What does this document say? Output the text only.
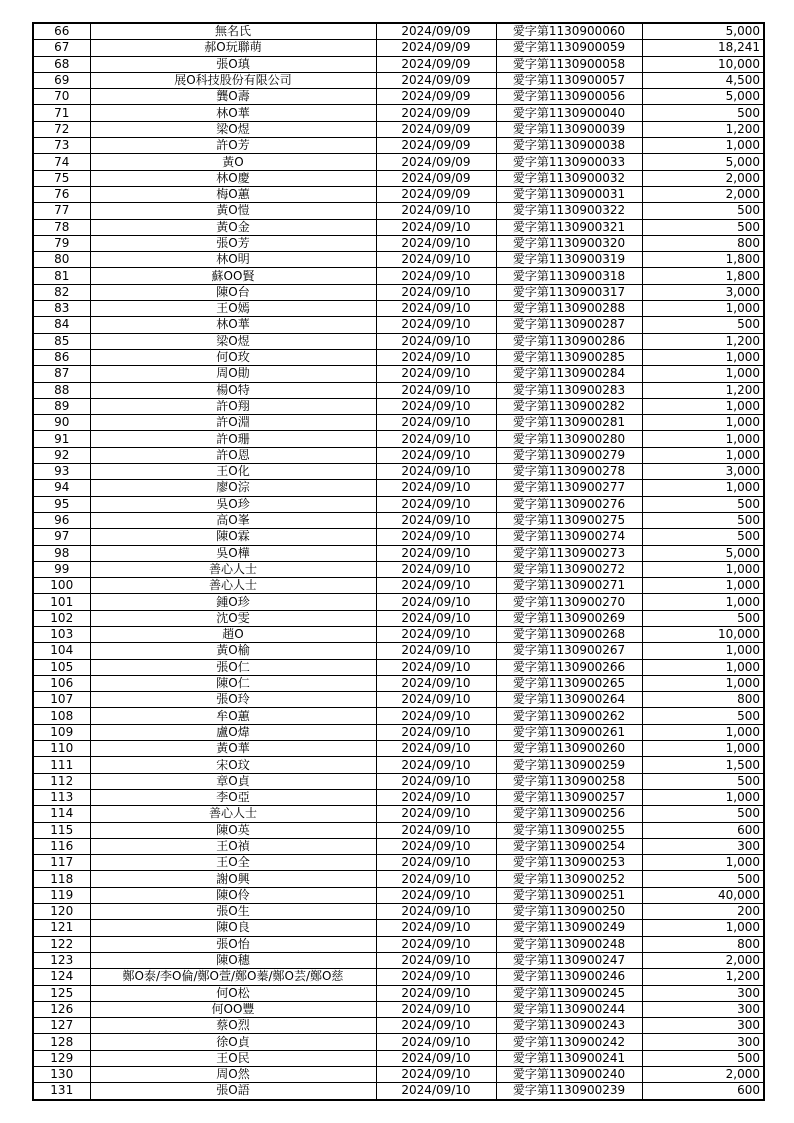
66	無名氏	2024/09/09	愛字第1130900060	5,000
67	郝O玩聯萌	2024/09/09	愛字第1130900059	18,241
68	張O瑱	2024/09/09	愛字第1130900058	10,000
69	展O科技股份有限公司	2024/09/09	愛字第1130900057	4,500
70	龔O壽	2024/09/09	愛字第1130900056	5,000
71	林O華	2024/09/09	愛字第1130900040	500
72	梁O煜	2024/09/09	愛字第1130900039	1,200
73	許O芳	2024/09/09	愛字第1130900038	1,000
74	黃O	2024/09/09	愛字第1130900033	5,000
75	林O慶	2024/09/09	愛字第1130900032	2,000
76	梅O蕙	2024/09/09	愛字第1130900031	2,000
77	黃O愷	2024/09/10	愛字第1130900322	500
78	黃O金	2024/09/10	愛字第1130900321	500
79	張O芳	2024/09/10	愛字第1130900320	800
80	林O明	2024/09/10	愛字第1130900319	1,800
81	蘇OO賢	2024/09/10	愛字第1130900318	1,800
82	陳O台	2024/09/10	愛字第1130900317	3,000
83	王O嫣	2024/09/10	愛字第1130900288	1,000
84	林O華	2024/09/10	愛字第1130900287	500
85	梁O煜	2024/09/10	愛字第1130900286	1,200
86	何O玫	2024/09/10	愛字第1130900285	1,000
87	周O勛	2024/09/10	愛字第1130900284	1,000
88	楊O特	2024/09/10	愛字第1130900283	1,200
89	許O翔	2024/09/10	愛字第1130900282	1,000
90	許O淵	2024/09/10	愛字第1130900281	1,000
91	許O珊	2024/09/10	愛字第1130900280	1,000
92	許O恩	2024/09/10	愛字第1130900279	1,000
93	王O化	2024/09/10	愛字第1130900278	3,000
94	廖O淙	2024/09/10	愛字第1130900277	1,000
95	吳O珍	2024/09/10	愛字第1130900276	500
96	高O峯	2024/09/10	愛字第1130900275	500
97	陳O霖	2024/09/10	愛字第1130900274	500
98	吳O樺	2024/09/10	愛字第1130900273	5,000
99	善心人士	2024/09/10	愛字第1130900272	1,000
100	善心人士	2024/09/10	愛字第1130900271	1,000
101	鍾O珍	2024/09/10	愛字第1130900270	1,000
102	沈O雯	2024/09/10	愛字第1130900269	500
103	趙O	2024/09/10	愛字第1130900268	10,000
104	黃O榆	2024/09/10	愛字第1130900267	1,000
105	張O仁	2024/09/10	愛字第1130900266	1,000
106	陳O仁	2024/09/10	愛字第1130900265	1,000
107	張O玲	2024/09/10	愛字第1130900264	800
108	牟O蕙	2024/09/10	愛字第1130900262	500
109	盧O煒	2024/09/10	愛字第1130900261	1,000
110	黃O華	2024/09/10	愛字第1130900260	1,000
111	宋O玟	2024/09/10	愛字第1130900259	1,500
112	章O貞	2024/09/10	愛字第1130900258	500
113	李O亞	2024/09/10	愛字第1130900257	1,000
114	善心人士	2024/09/10	愛字第1130900256	500
115	陳O英	2024/09/10	愛字第1130900255	600
116	王O禎	2024/09/10	愛字第1130900254	300
117	王O全	2024/09/10	愛字第1130900253	1,000
118	謝O興	2024/09/10	愛字第1130900252	500
119	陳O伶	2024/09/10	愛字第1130900251	40,000
120	張O生	2024/09/10	愛字第1130900250	200
121	陳O良	2024/09/10	愛字第1130900249	1,000
122	張O怡	2024/09/10	愛字第1130900248	800
123	陳O穗	2024/09/10	愛字第1130900247	2,000
124	鄭O泰/李O倫/鄭O萱/鄭O蓁/鄭O芸/鄭O慈	2024/09/10	愛字第1130900246	1,200
125	何O松	2024/09/10	愛字第1130900245	300
126	何OO豐	2024/09/10	愛字第1130900244	300
127	蔡O烈	2024/09/10	愛字第1130900243	300
128	徐O貞	2024/09/10	愛字第1130900242	300
129	王O民	2024/09/10	愛字第1130900241	500
130	周O然	2024/09/10	愛字第1130900240	2,000
131	張O語	2024/09/10	愛字第1130900239	600
